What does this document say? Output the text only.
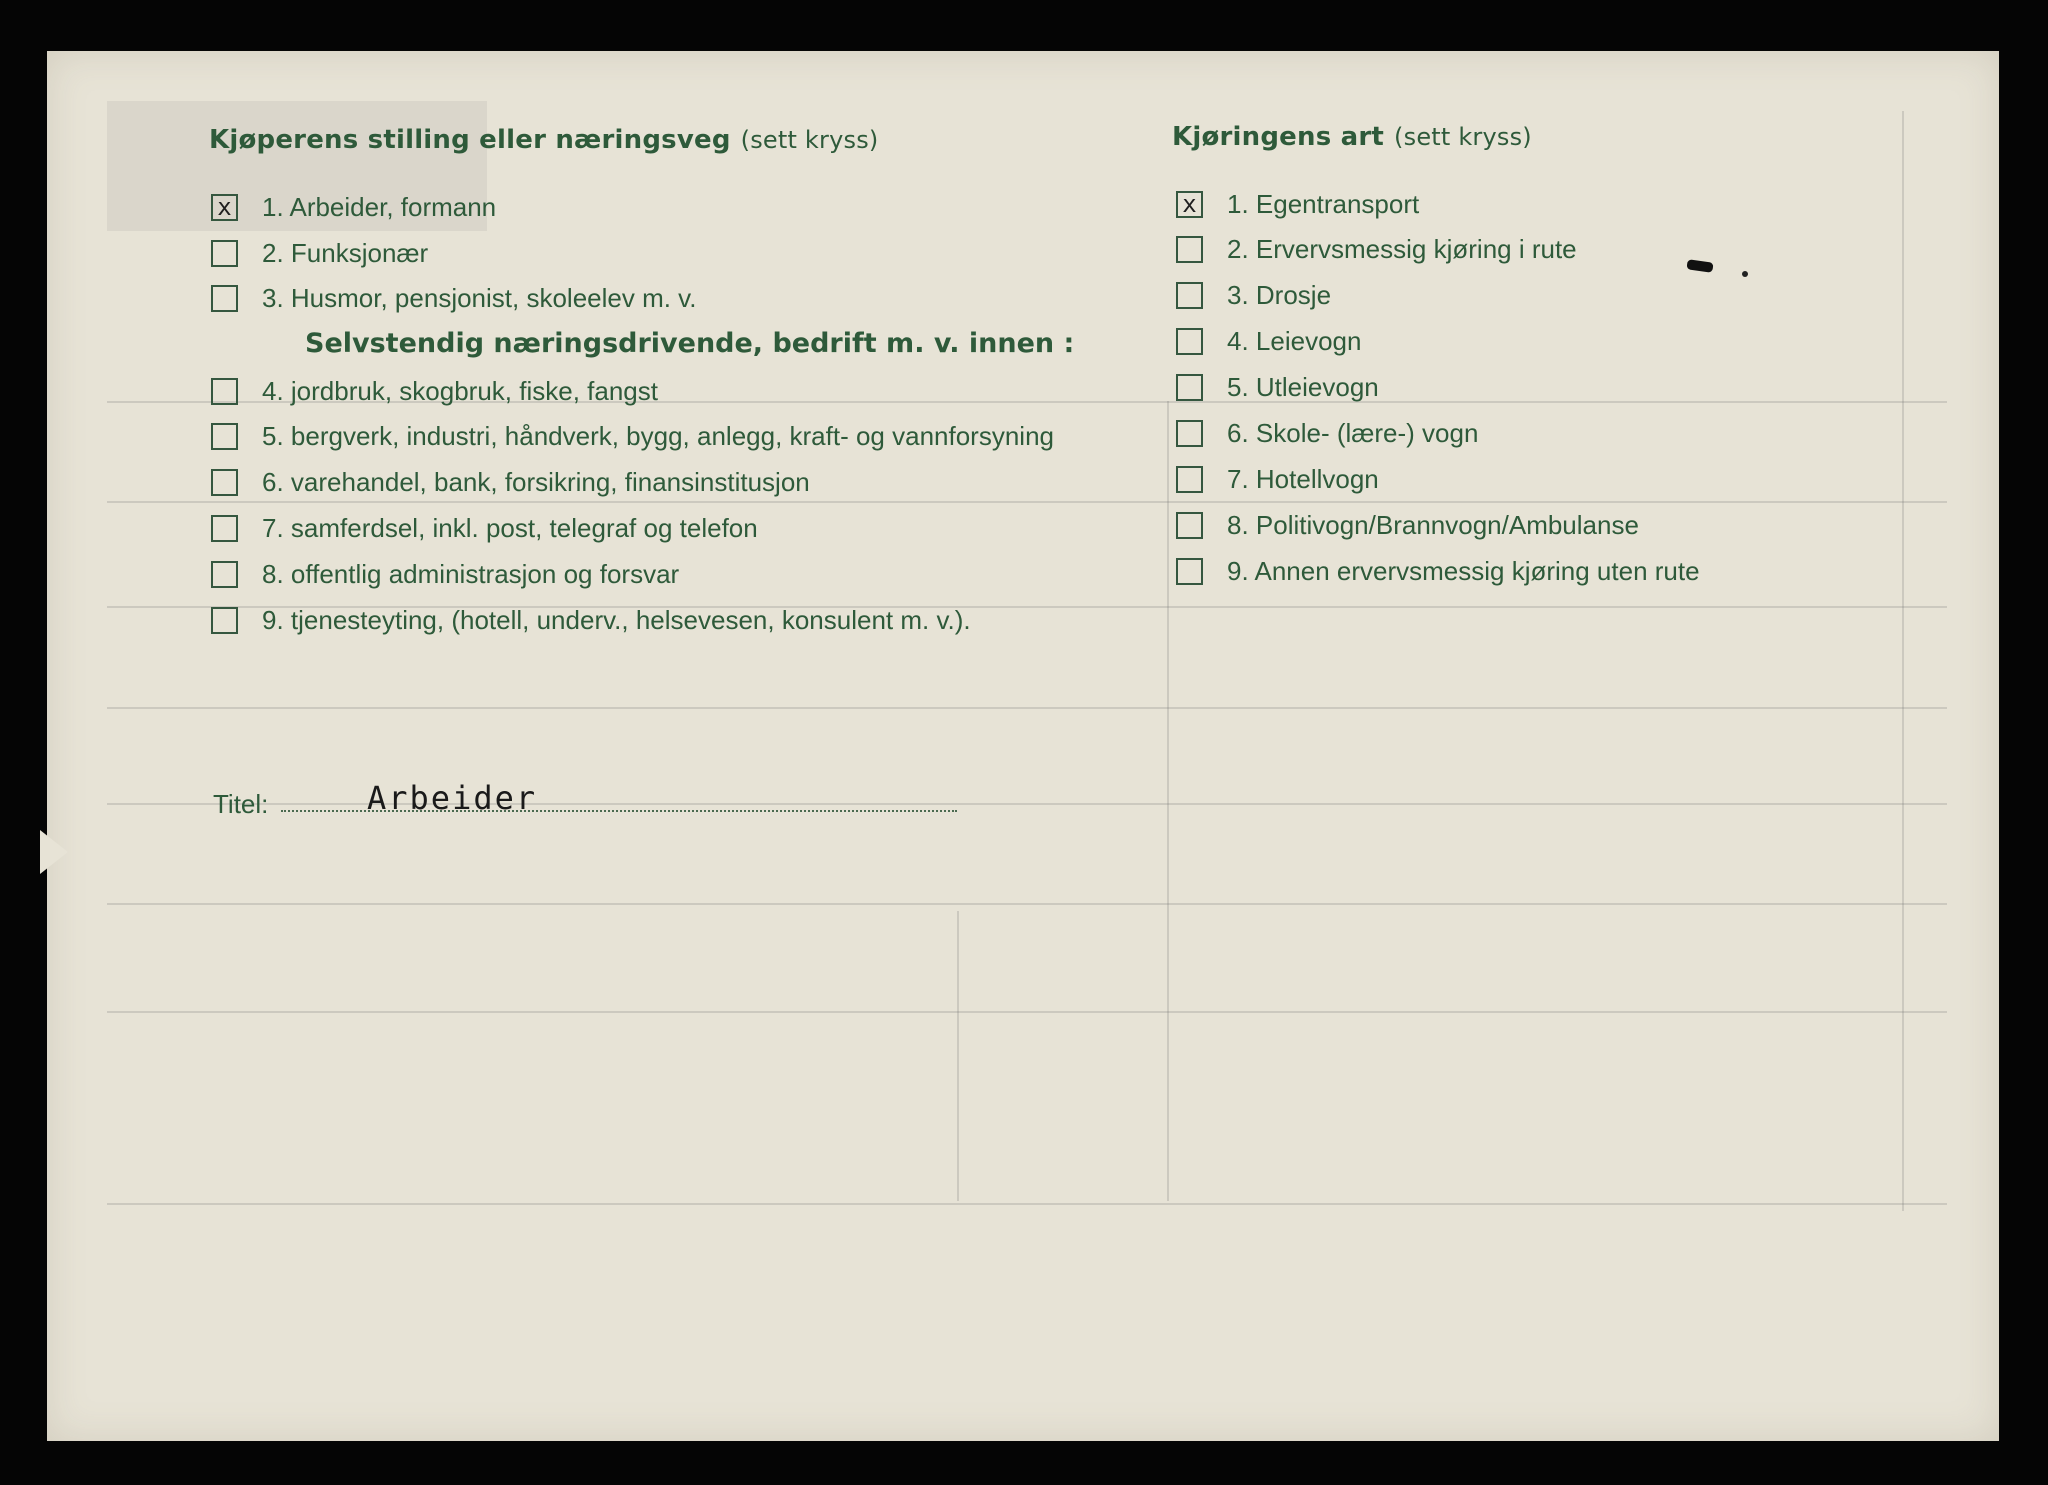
Kjøperens stilling eller næringsveg (sett kryss)
x 1. Arbeider, formann
2. Funksjonær
3. Husmor, pensjonist, skoleelev m. v.
Selvstendig næringsdrivende, bedrift m. v. innen :
4. jordbruk, skogbruk, fiske, fangst
5. bergverk, industri, håndverk, bygg, anlegg, kraft- og vannforsyning
6. varehandel, bank, forsikring, finansinstitusjon
7. samferdsel, inkl. post, telegraf og telefon
8. offentlig administrasjon og forsvar
9. tjenesteyting, (hotell, underv., helsevesen, konsulent m. v.).
Kjøringens art (sett kryss)
x 1. Egentransport
2. Ervervsmessig kjøring i rute
3. Drosje
4. Leievogn
5. Utleievogn
6. Skole- (lære-) vogn
7. Hotellvogn
8. Politivogn/Brannvogn/Ambulanse
9. Annen ervervsmessig kjøring uten rute
Titel:	Arbeider
